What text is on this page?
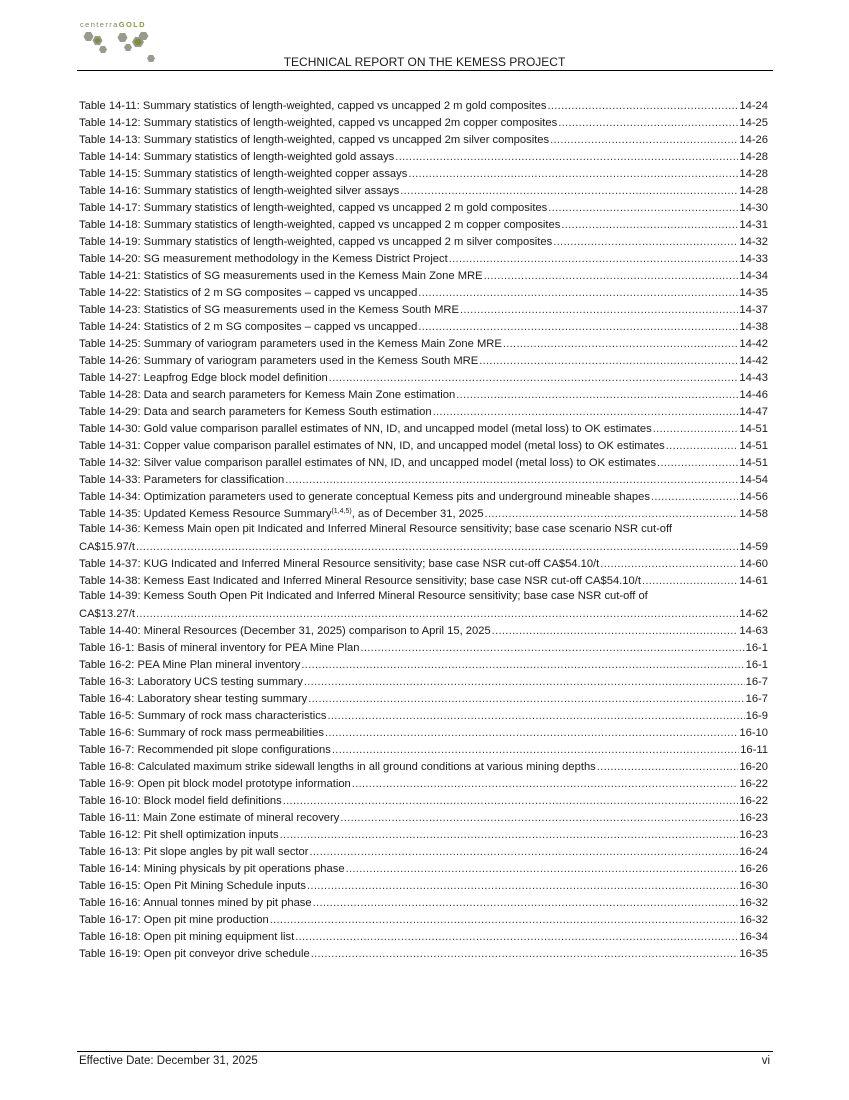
centerraGOLD
TECHNICAL REPORT ON THE KEMESS PROJECT
Table 14-11: Summary statistics of length-weighted, capped vs uncapped 2 m gold composites .....	14-24
Table 14-12: Summary statistics of length-weighted, capped vs uncapped 2m copper composites .....	14-25
Table 14-13: Summary statistics of length-weighted, capped vs uncapped 2m silver composites .....	14-26
Table 14-14: Summary statistics of length-weighted gold assays .....	14-28
Table 14-15: Summary statistics of length-weighted copper assays .....	14-28
Table 14-16: Summary statistics of length-weighted silver assays .....	14-28
Table 14-17: Summary statistics of length-weighted, capped vs uncapped 2 m gold composites .....	14-30
Table 14-18: Summary statistics of length-weighted, capped vs uncapped 2 m copper composites .....	14-31
Table 14-19: Summary statistics of length-weighted, capped vs uncapped 2 m silver composites .....	14-32
Table 14-20: SG measurement methodology in the Kemess District Project .....	14-33
Table 14-21: Statistics of SG measurements used in the Kemess Main Zone MRE .....	14-34
Table 14-22: Statistics of 2 m SG composites – capped vs uncapped .....	14-35
Table 14-23: Statistics of SG measurements used in the Kemess South MRE .....	14-37
Table 14-24: Statistics of 2 m SG composites – capped vs uncapped .....	14-38
Table 14-25: Summary of variogram parameters used in the Kemess Main Zone MRE .....	14-42
Table 14-26: Summary of variogram parameters used in the Kemess South MRE .....	14-42
Table 14-27: Leapfrog Edge block model definition .....	14-43
Table 14-28: Data and search parameters for Kemess Main Zone estimation .....	14-46
Table 14-29: Data and search parameters for Kemess South estimation .....	14-47
Table 14-30: Gold value comparison parallel estimates of NN, ID, and uncapped model (metal loss) to OK estimates .....	14-51
Table 14-31: Copper value comparison parallel estimates of NN, ID, and uncapped model (metal loss) to OK estimates .....	14-51
Table 14-32: Silver value comparison parallel estimates of NN, ID, and uncapped model (metal loss) to OK estimates .....	14-51
Table 14-33: Parameters for classification .....	14-54
Table 14-34: Optimization parameters used to generate conceptual Kemess pits and underground mineable shapes .....	14-56
Table 14-35: Updated Kemess Resource Summary$^{(1,4,5)}$, as of December 31, 2025 .....	14-58
Table 14-36: Kemess Main open pit Indicated and Inferred Mineral Resource sensitivity; base case scenario NSR cut-off
CA$15.97/t .....	14-59
Table 14-37: KUG Indicated and Inferred Mineral Resource sensitivity; base case NSR cut-off CA$54.10/t .....	14-60
Table 14-38: Kemess East Indicated and Inferred Mineral Resource sensitivity; base case NSR cut-off CA$54.10/t .....	14-61
Table 14-39: Kemess South Open Pit Indicated and Inferred Mineral Resource sensitivity; base case NSR cut-off of
CA$13.27/t .....	14-62
Table 14-40: Mineral Resources (December 31, 2025) comparison to April 15, 2025 .....	14-63
Table 16-1: Basis of mineral inventory for PEA Mine Plan .....	16-1
Table 16-2: PEA Mine Plan mineral inventory .....	16-1
Table 16-3: Laboratory UCS testing summary .....	16-7
Table 16-4: Laboratory shear testing summary .....	16-7
Table 16-5: Summary of rock mass characteristics .....	16-9
Table 16-6: Summary of rock mass permeabilities .....	16-10
Table 16-7: Recommended pit slope configurations .....	16-11
Table 16-8: Calculated maximum strike sidewall lengths in all ground conditions at various mining depths .....	16-20
Table 16-9: Open pit block model prototype information .....	16-22
Table 16-10: Block model field definitions .....	16-22
Table 16-11: Main Zone estimate of mineral recovery .....	16-23
Table 16-12: Pit shell optimization inputs .....	16-23
Table 16-13: Pit slope angles by pit wall sector .....	16-24
Table 16-14: Mining physicals by pit operations phase .....	16-26
Table 16-15: Open Pit Mining Schedule inputs .....	16-30
Table 16-16: Annual tonnes mined by pit phase .....	16-32
Table 16-17: Open pit mine production .....	16-32
Table 16-18: Open pit mining equipment list .....	16-34
Table 16-19: Open pit conveyor drive schedule .....	16-35
Effective Date: December 31, 2025	vi
